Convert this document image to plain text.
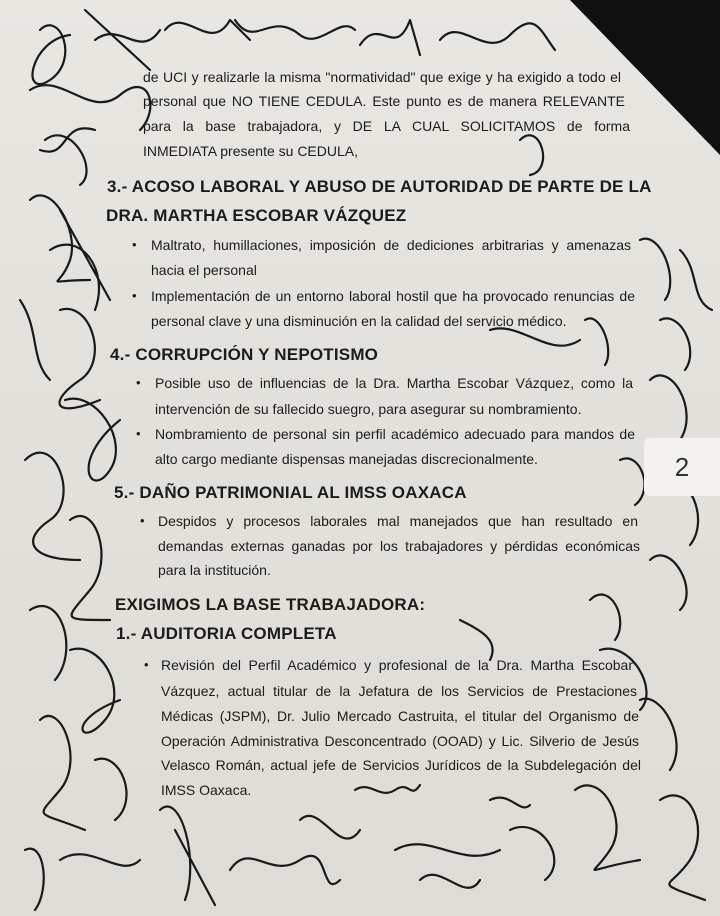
de UCI y realizarle la misma "normatividad" que exige y ha exigido a todo el
personal que NO TIENE CEDULA. Este punto es de manera RELEVANTE
para la base trabajadora, y DE LA CUAL SOLICITAMOS de forma
INMEDIATA presente su CEDULA,
3.- ACOSO LABORAL Y ABUSO DE AUTORIDAD DE PARTE DE LA
DRA. MARTHA ESCOBAR VÁZQUEZ
• Maltrato, humillaciones, imposición de dediciones arbitrarias y amenazas
hacia el personal
• Implementación de un entorno laboral hostil que ha provocado renuncias de
personal clave y una disminución en la calidad del servicio médico.
4.- CORRUPCIÓN Y NEPOTISMO
• Posible uso de influencias de la Dra. Martha Escobar Vázquez, como la
intervención de su fallecido suegro, para asegurar su nombramiento.
• Nombramiento de personal sin perfil académico adecuado para mandos de
alto cargo mediante dispensas manejadas discrecionalmente.
5.- DAÑO PATRIMONIAL AL IMSS OAXACA
• Despidos y procesos laborales mal manejados que han resultado en
demandas externas ganadas por los trabajadores y pérdidas económicas
para la institución.
EXIGIMOS LA BASE TRABAJADORA:
1.- AUDITORIA COMPLETA
• Revisión del Perfil Académico y profesional de la Dra. Martha Escobar
Vázquez, actual titular de la Jefatura de los Servicios de Prestaciones
Médicas (JSPM), Dr. Julio Mercado Castruita, el titular del Organismo de
Operación Administrativa Desconcentrado (OOAD) y Lic. Silverio de Jesús
Velasco Román, actual jefe de Servicios Jurídicos de la Subdelegación del
IMSS Oaxaca.
2
